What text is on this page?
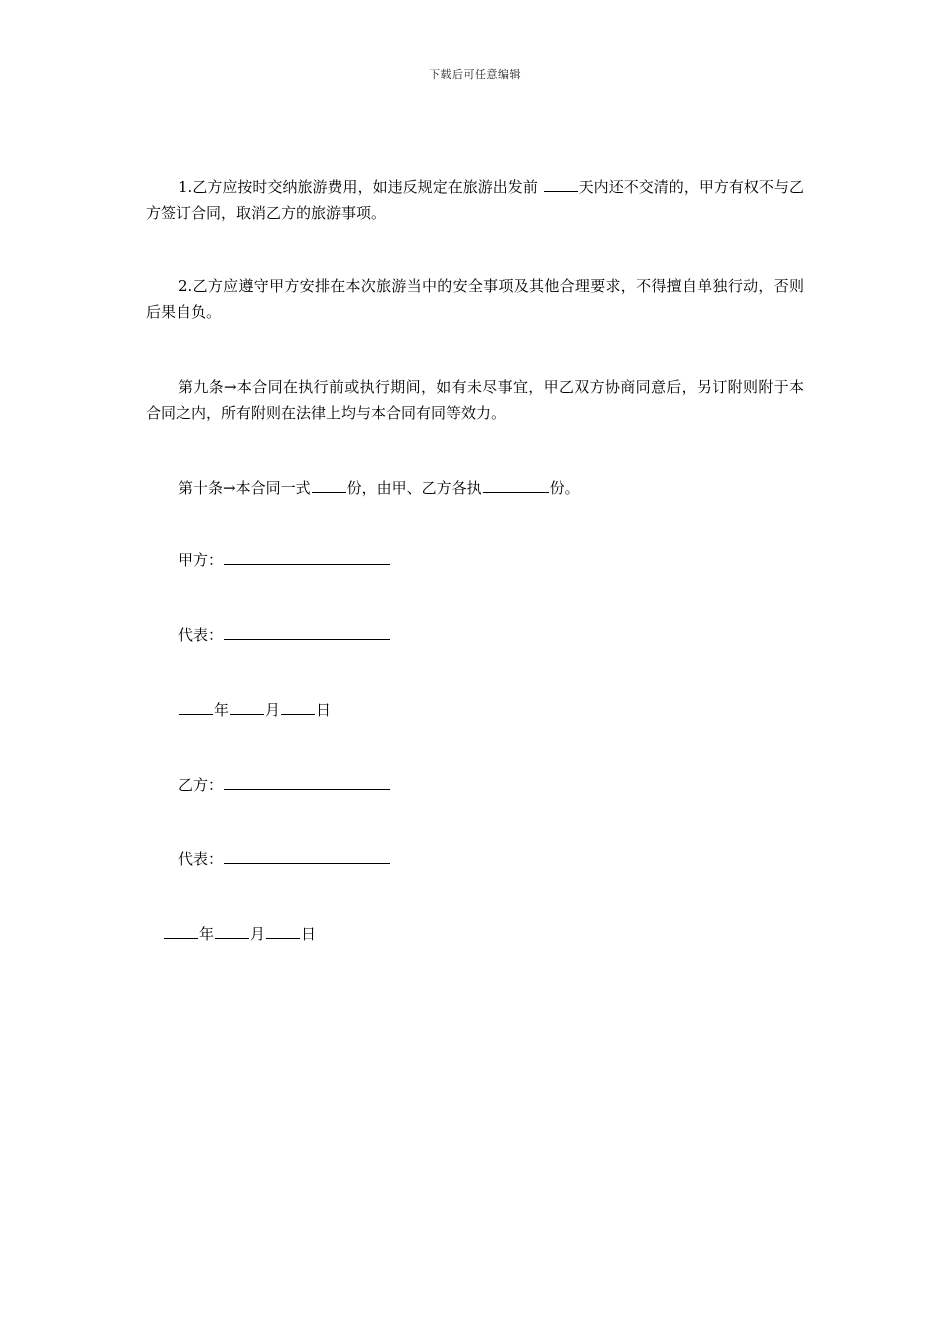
下载后可任意编辑
1.乙方应按时交纳旅游费用，如违反规定在旅游出发前 天内还不交清的，甲方有权不与乙方签订合同，取消乙方的旅游事项。
2.乙方应遵守甲方安排在本次旅游当中的安全事项及其他合理要求，不得擅自单独行动，否则后果自负。
第九条→本合同在执行前或执行期间，如有未尽事宜，甲乙双方协商同意后，另订附则附于本合同之内，所有附则在法律上均与本合同有同等效力。
第十条→本合同一式 份，由甲、乙方各执	份。
甲方：
代表：
年 月 日
乙方：
代表：
年 月 日
